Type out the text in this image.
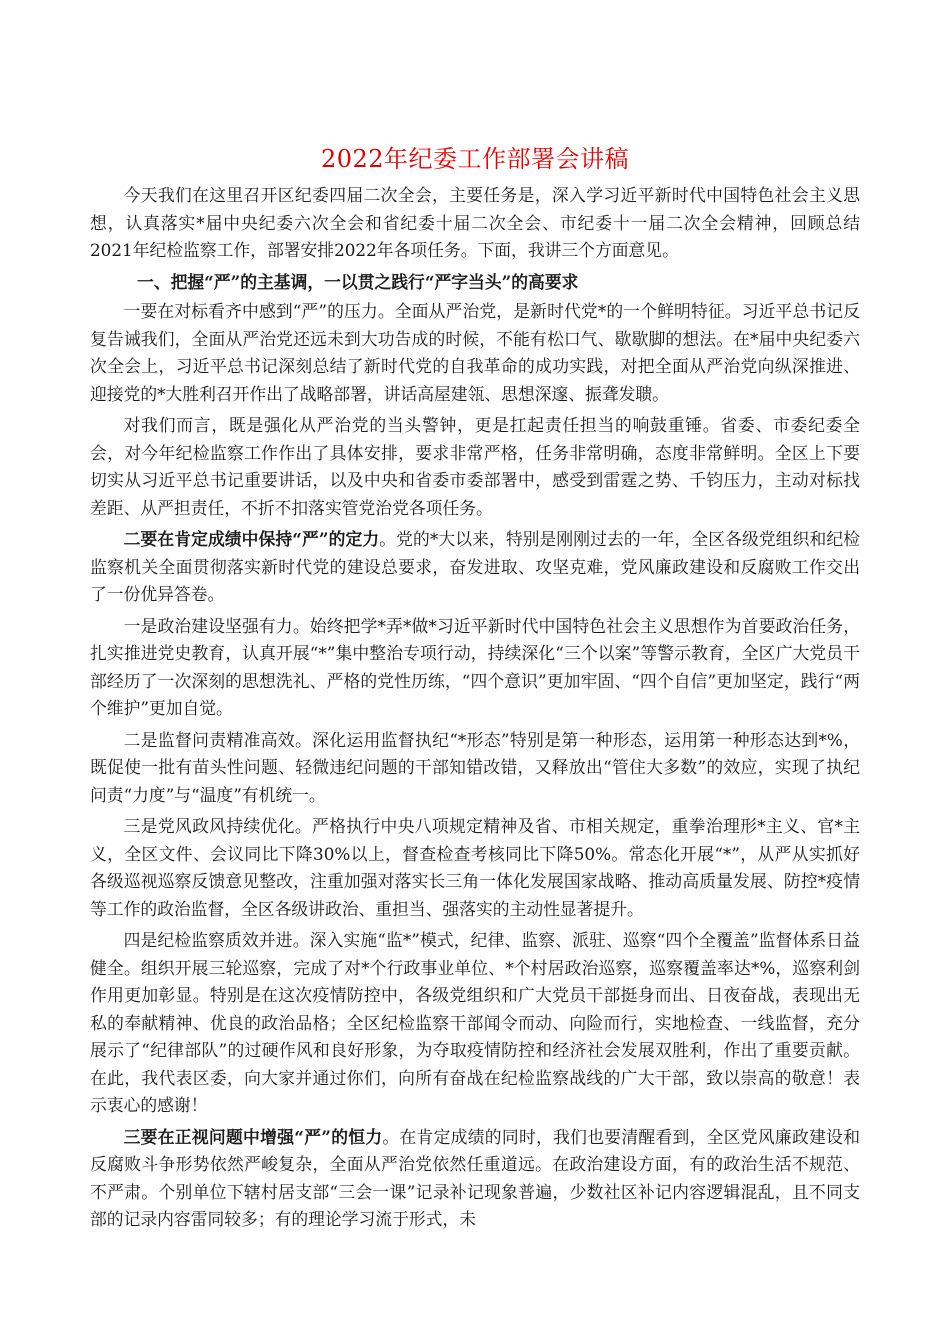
2022年纪委工作部署会讲稿

今天我们在这里召开区纪委四届二次全会，主要任务是，深入学习近平新时代中国特色社会主义思想，认真落实*届中央纪委六次全会和省纪委十届二次全会、市纪委十一届二次全会精神，回顾总结2021年纪检监察工作，部署安排2022年各项任务。下面，我讲三个方面意见。

一、把握“严”的主基调，一以贯之践行“严字当头”的高要求

一要在对标看齐中感到“严”的压力。全面从严治党，是新时代党*的一个鲜明特征。习近平总书记反复告诫我们，全面从严治党还远未到大功告成的时候，不能有松口气、歇歇脚的想法。在*届中央纪委六次全会上，习近平总书记深刻总结了新时代党的自我革命的成功实践，对把全面从严治党向纵深推进、迎接党的*大胜利召开作出了战略部署，讲话高屋建瓴、思想深邃、振聋发聩。

对我们而言，既是强化从严治党的当头警钟，更是扛起责任担当的响鼓重锤。省委、市委纪委全会，对今年纪检监察工作作出了具体安排，要求非常严格，任务非常明确，态度非常鲜明。全区上下要切实从习近平总书记重要讲话，以及中央和省委市委部署中，感受到雷霆之势、千钧压力，主动对标找差距、从严担责任，不折不扣落实管党治党各项任务。

二要在肯定成绩中保持“严”的定力。党的*大以来，特别是刚刚过去的一年，全区各级党组织和纪检监察机关全面贯彻落实新时代党的建设总要求，奋发进取、攻坚克难，党风廉政建设和反腐败工作交出了一份优异答卷。

一是政治建设坚强有力。始终把学*弄*做*习近平新时代中国特色社会主义思想作为首要政治任务，扎实推进党史教育，认真开展“*”集中整治专项行动，持续深化“三个以案”等警示教育，全区广大党员干部经历了一次深刻的思想洗礼、严格的党性历练，“四个意识”更加牢固、“四个自信”更加坚定，践行“两个维护”更加自觉。

二是监督问责精准高效。深化运用监督执纪“*形态”特别是第一种形态，运用第一种形态达到*%，既促使一批有苗头性问题、轻微违纪问题的干部知错改错，又释放出“管住大多数”的效应，实现了执纪问责“力度”与“温度”有机统一。

三是党风政风持续优化。严格执行中央八项规定精神及省、市相关规定，重拳治理形*主义、官*主义，全区文件、会议同比下降30%以上，督查检查考核同比下降50%。常态化开展“*”，从严从实抓好各级巡视巡察反馈意见整改，注重加强对落实长三角一体化发展国家战略、推动高质量发展、防控*疫情等工作的政治监督，全区各级讲政治、重担当、强落实的主动性显著提升。

四是纪检监察质效并进。深入实施“监*”模式，纪律、监察、派驻、巡察“四个全覆盖”监督体系日益健全。组织开展三轮巡察，完成了对*个行政事业单位、*个村居政治巡察，巡察覆盖率达*%，巡察利剑作用更加彰显。特别是在这次疫情防控中，各级党组织和广大党员干部挺身而出、日夜奋战，表现出无私的奉献精神、优良的政治品格；全区纪检监察干部闻令而动、向险而行，实地检查、一线监督，充分展示了“纪律部队”的过硬作风和良好形象，为夺取疫情防控和经济社会发展双胜利，作出了重要贡献。在此，我代表区委，向大家并通过你们，向所有奋战在纪检监察战线的广大干部，致以崇高的敬意！表示衷心的感谢！

三要在正视问题中增强“严”的恒力。在肯定成绩的同时，我们也要清醒看到，全区党风廉政建设和反腐败斗争形势依然严峻复杂，全面从严治党依然任重道远。在政治建设方面，有的政治生活不规范、不严肃。个别单位下辖村居支部“三会一课”记录补记现象普遍，少数社区补记内容逻辑混乱，且不同支部的记录内容雷同较多；有的理论学习流于形式，未
